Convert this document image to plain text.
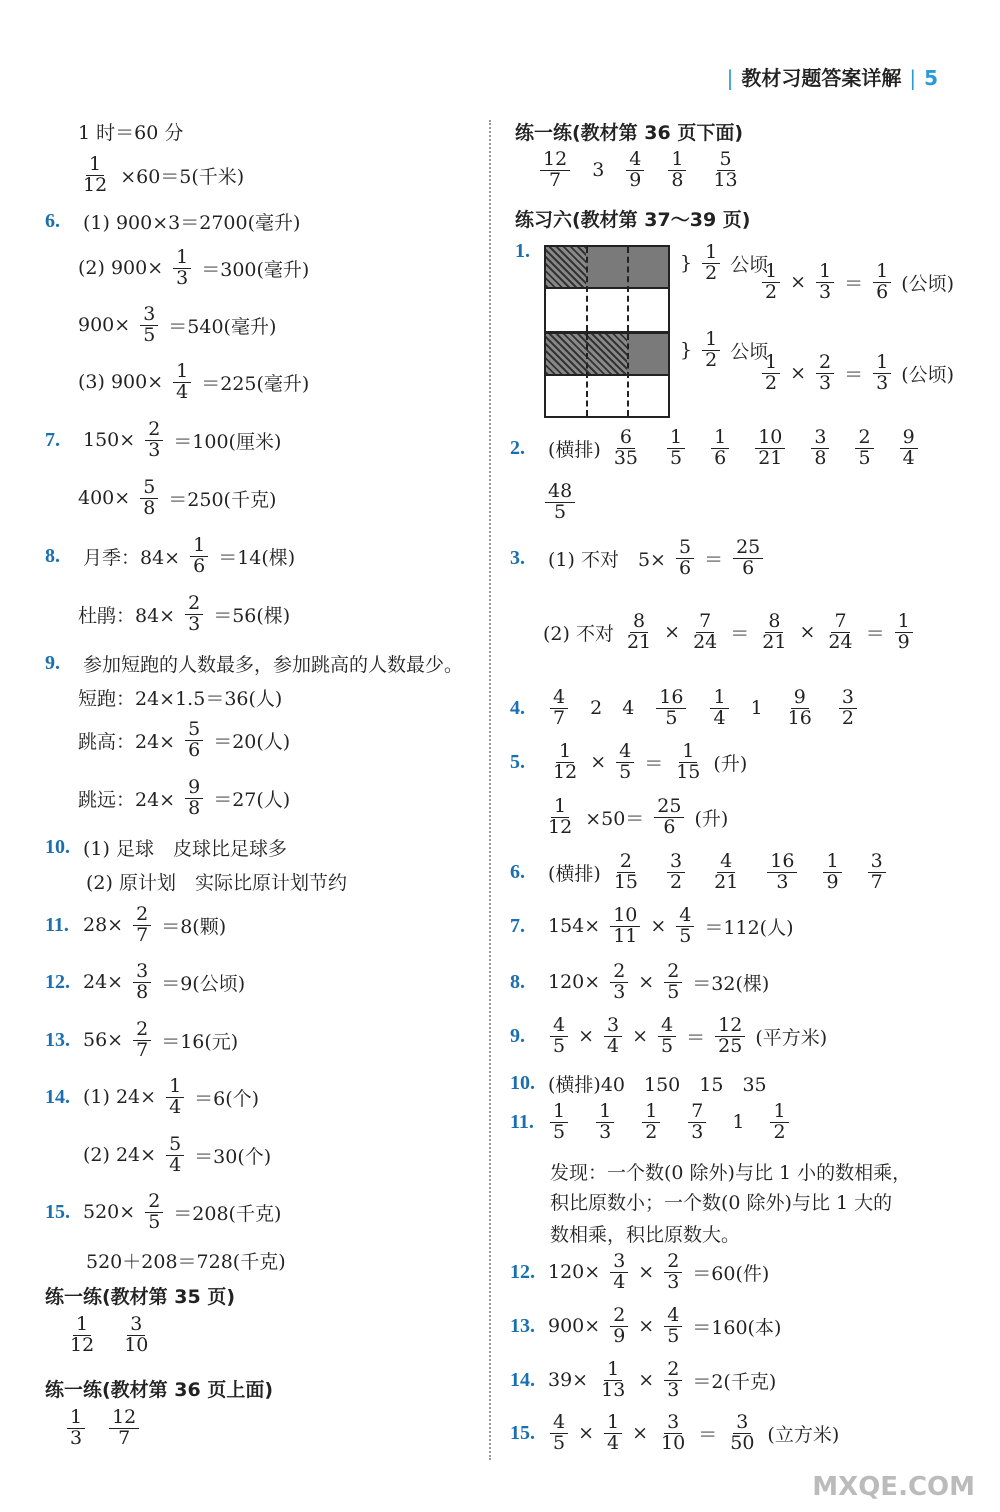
| 教材习题答案详解 | 5
1 时＝60 分
$\frac{1}{12} \times 60=5$(千米)
6.	(1) 900×3＝2700(毫升)
(2) $900\times \frac{1}{3} =300$(毫升)
$900\times \frac{3}{5} =540$(毫升)
(3) $900\times \frac{1}{4} =225$(毫升)
7.	$150\times \frac{2}{3} =100$(厘米)
$400\times \frac{5}{8} =250$(千克)
8.	月季：$84\times \frac{1}{6} =14$(棵)
杜鹃：$84\times \frac{2}{3} =56$(棵)
9.	参加短跑的人数最多，参加跳高的人数最少。
短跑：24×1.5＝36(人)
跳高：$24\times \frac{5}{6} =20$(人)
跳远：$24\times \frac{9}{8} =27$(人)
10. (1) 足球　皮球比足球多
(2) 原计划　实际比原计划节约
11. $28\times \frac{2}{7} =8$(颗)
12. $24\times \frac{3}{8} =9$(公顷)
13. $56\times \frac{2}{7} =16$(元)
14. (1) $24\times \frac{1}{4} =6$(个)
(2) $24\times \frac{5}{4} =30$(个)
15. $520\times \frac{2}{5} =208$(千克)
520＋208＝728(千克)
练一练(教材第 35 页)
$\frac{1}{12} \frac{3}{10}$
练一练(教材第 36 页上面)
$\frac{1}{3} \frac{12}{7}$
练一练(教材第 36 页下面)
$\frac{12}{7} 3 \frac{4}{9} \frac{1}{8} \frac{5}{13}$
练习六(教材第 37～39 页)
1.
} $\frac{1}{2}$ 公顷
} $\frac{1}{2}$ 公顷
$\frac{1}{2} \times \frac{1}{3} = \frac{1}{6}$ (公顷)
$\frac{1}{2} \times \frac{2}{3} = \frac{1}{3}$ (公顷)
2.	(横排) $\frac{6}{35} \frac{1}{5} \frac{1}{6} \frac{10}{21} \frac{3}{8} \frac{2}{5} \frac{9}{4}$
$\frac{48}{5}$
3.	(1) 不对　$5\times \frac{5}{6} = \frac{25}{6}$
(2) 不对 $\frac{8}{21} \times \frac{7}{24} = \frac{8}{21} \times \frac{7}{24} = \frac{1}{9}$
4.	$\frac{4}{7} 2$ $4 \frac{16}{5} \frac{1}{4} 1 \frac{9}{16} \frac{3}{2}$
5.	$\frac{1}{12} \times \frac{4}{5} = \frac{1}{15}$ (升)
$\frac{1}{12} \times 50= \frac{25}{6}$ (升)
6.	(横排) $\frac{2}{15} \frac{3}{2} \frac{4}{21} \frac{16}{3} \frac{1}{9} \frac{3}{7}$
7.	$154\times \frac{10}{11} \times \frac{4}{5} =112$(人)
8.	$120\times \frac{2}{3} \times \frac{2}{5} =32$(棵)
9.	$\frac{4}{5} \times \frac{3}{4} \times \frac{4}{5} = \frac{12}{25}$ (平方米)
10. (横排)40　150　15　35
11. $\frac{1}{5} \frac{1}{3} \frac{1}{2} \frac{7}{3} 1 \frac{1}{2}$
发现：一个数(0 除外)与比 1 小的数相乘，
积比原数小；一个数(0 除外)与比 1 大的
数相乘，积比原数大。
12. $120\times \frac{3}{4} \times \frac{2}{3} =60$(件)
13. $900\times \frac{2}{9} \times \frac{4}{5} =160$(本)
14. $39\times \frac{1}{13} \times \frac{2}{3} =2$(千克)
15. $\frac{4}{5} \times \frac{1}{4} \times \frac{3}{10} = \frac{3}{50}$ (立方米)
MXQE.COM
